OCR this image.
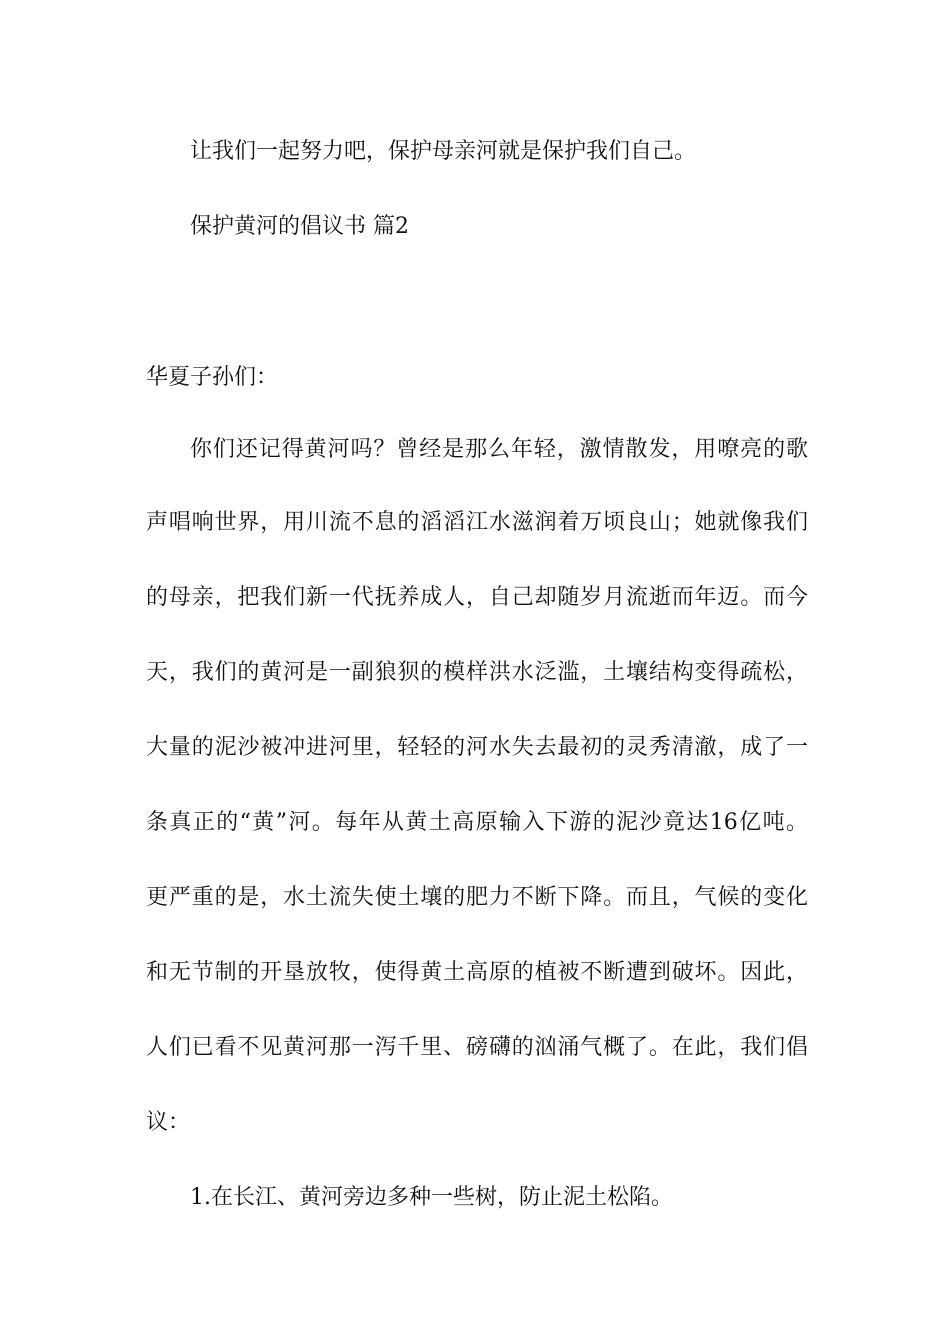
让我们一起努力吧，保护母亲河就是保护我们自己。
保护黄河的倡议书 篇2
华夏子孙们：
你们还记得黄河吗？曾经是那么年轻，激情散发，用嘹亮的歌
声唱响世界，用川流不息的滔滔江水滋润着万顷良山；她就像我们
的母亲，把我们新一代抚养成人，自己却随岁月流逝而年迈。而今
天，我们的黄河是一副狼狈的模样洪水泛滥，土壤结构变得疏松，
大量的泥沙被冲进河里，轻轻的河水失去最初的灵秀清澈，成了一
条真正的“黄”河。每年从黄土高原输入下游的泥沙竟达16亿吨。
更严重的是，水土流失使土壤的肥力不断下降。而且，气候的变化
和无节制的开垦放牧，使得黄土高原的植被不断遭到破坏。因此，
人们已看不见黄河那一泻千里、磅礴的汹涌气概了。在此，我们倡
议：
1.在长江、黄河旁边多种一些树，防止泥土松陷。
